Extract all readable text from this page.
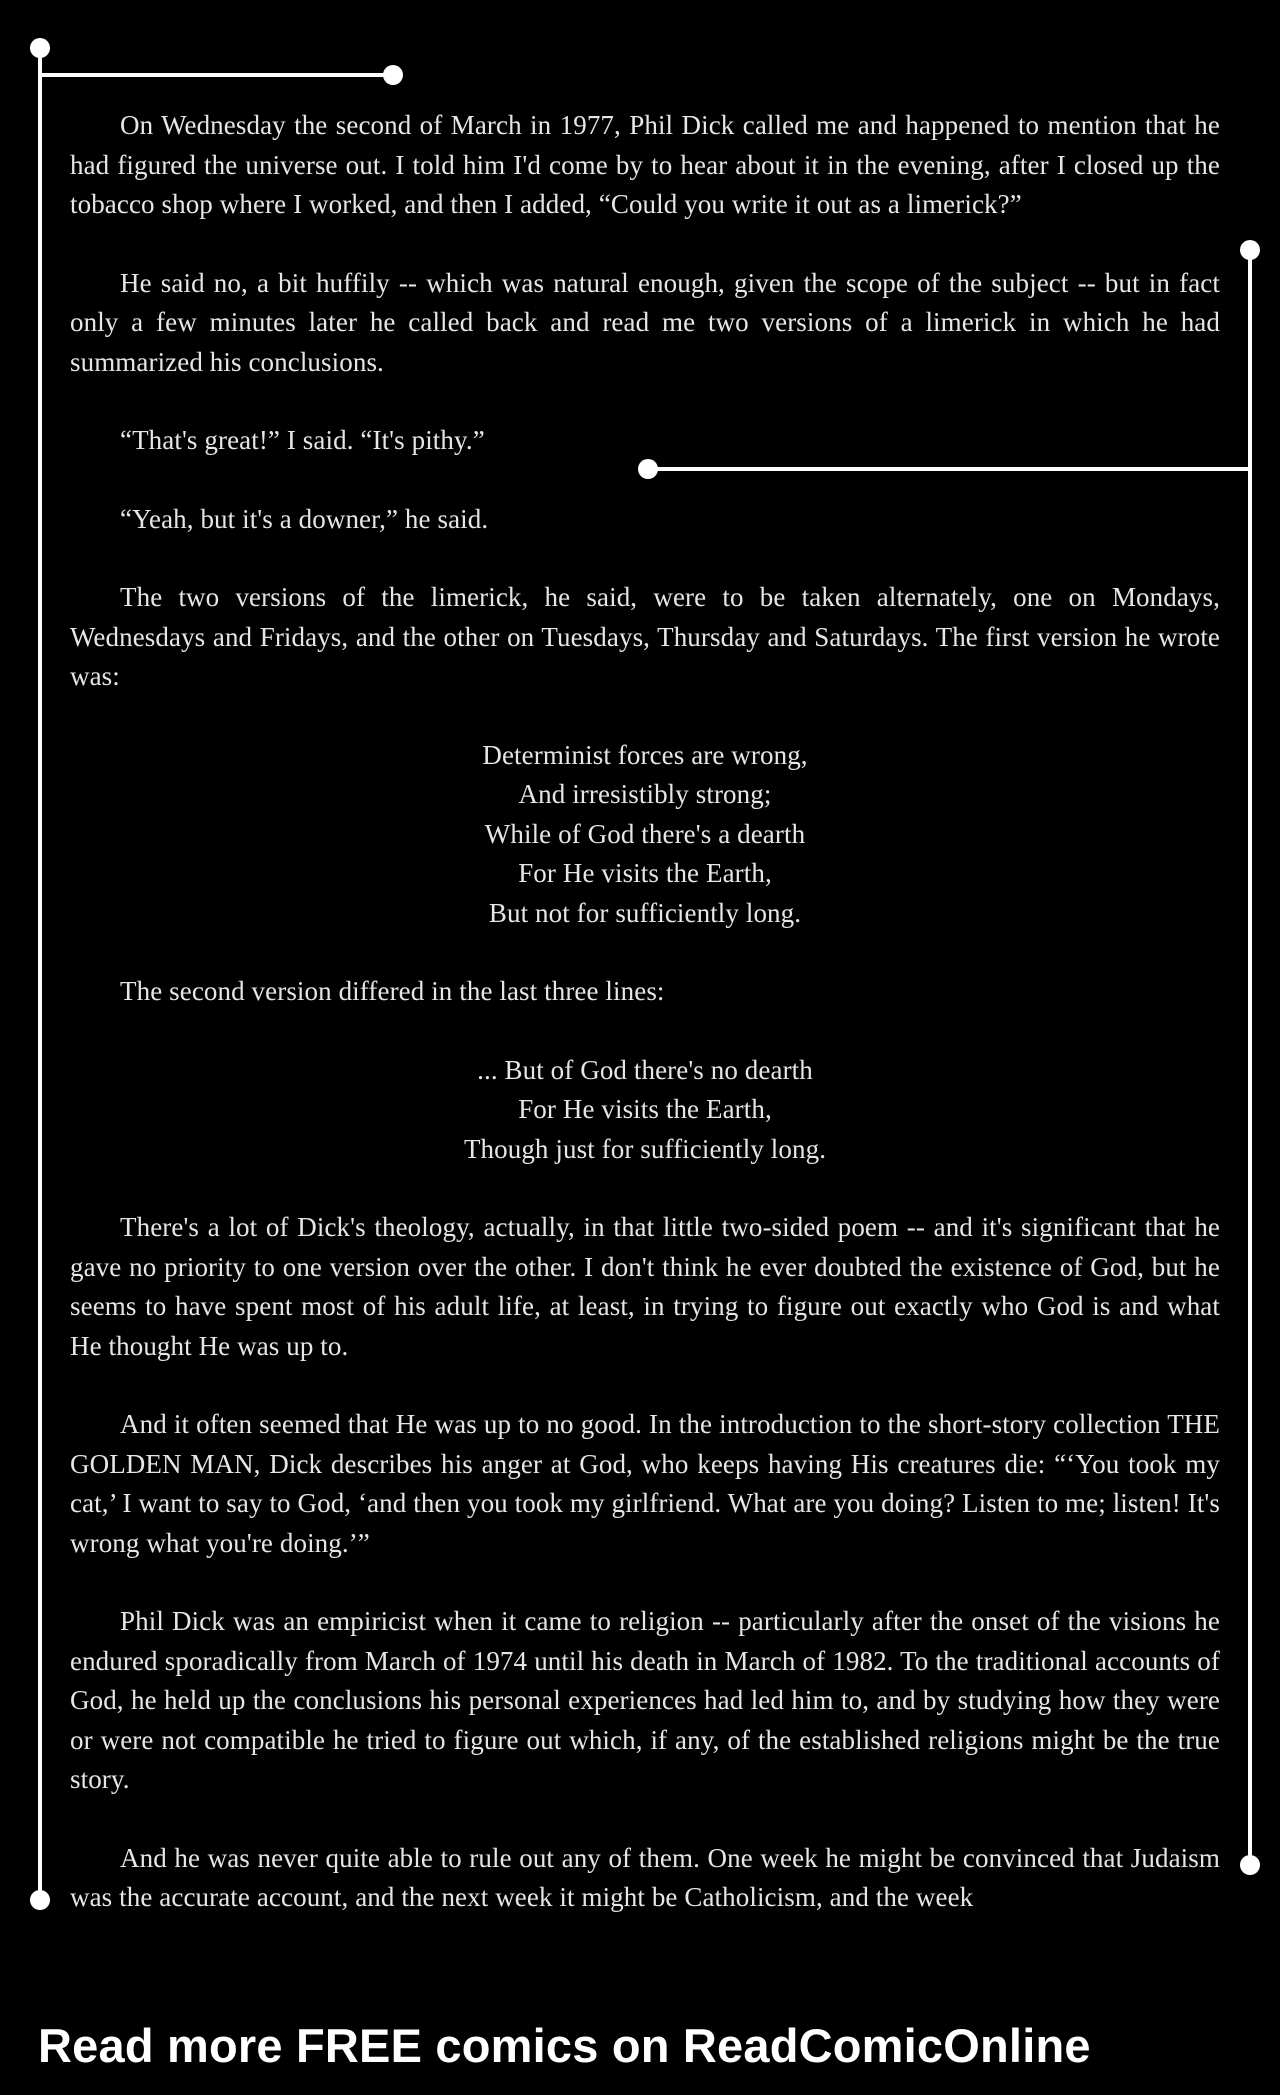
On Wednesday the second of March in 1977, Phil Dick called me and happened to mention that he had figured the universe out. I told him I'd come by to hear about it in the evening, after I closed up the tobacco shop where I worked, and then I added, “Could you write it out as a limerick?”

He said no, a bit huffily -- which was natural enough, given the scope of the subject -- but in fact only a few minutes later he called back and read me two versions of a limerick in which he had summarized his conclusions.

“That's great!” I said. “It's pithy.”

“Yeah, but it's a downer,” he said.

The two versions of the limerick, he said, were to be taken alternately, one on Mondays, Wednesdays and Fridays, and the other on Tuesdays, Thursday and Saturdays. The first version he wrote was:

Determinist forces are wrong,
And irresistibly strong;
While of God there's a dearth
For He visits the Earth,
But not for sufficiently long.

The second version differed in the last three lines:

... But of God there's no dearth
For He visits the Earth,
Though just for sufficiently long.

There's a lot of Dick's theology, actually, in that little two-sided poem -- and it's significant that he gave no priority to one version over the other. I don't think he ever doubted the existence of God, but he seems to have spent most of his adult life, at least, in trying to figure out exactly who God is and what He thought He was up to.

And it often seemed that He was up to no good. In the introduction to the short-story collection THE GOLDEN MAN, Dick describes his anger at God, who keeps having His creatures die: “‘You took my cat,’ I want to say to God, ‘and then you took my girlfriend. What are you doing? Listen to me; listen! It's wrong what you're doing.’”

Phil Dick was an empiricist when it came to religion -- particularly after the onset of the visions he endured sporadically from March of 1974 until his death in March of 1982. To the traditional accounts of God, he held up the conclusions his personal experiences had led him to, and by studying how they were or were not compatible he tried to figure out which, if any, of the established religions might be the true story.

And he was never quite able to rule out any of them. One week he might be convinced that Judaism was the accurate account, and the next week it might be Catholicism, and the week

Read more FREE comics on ReadComicOnline
